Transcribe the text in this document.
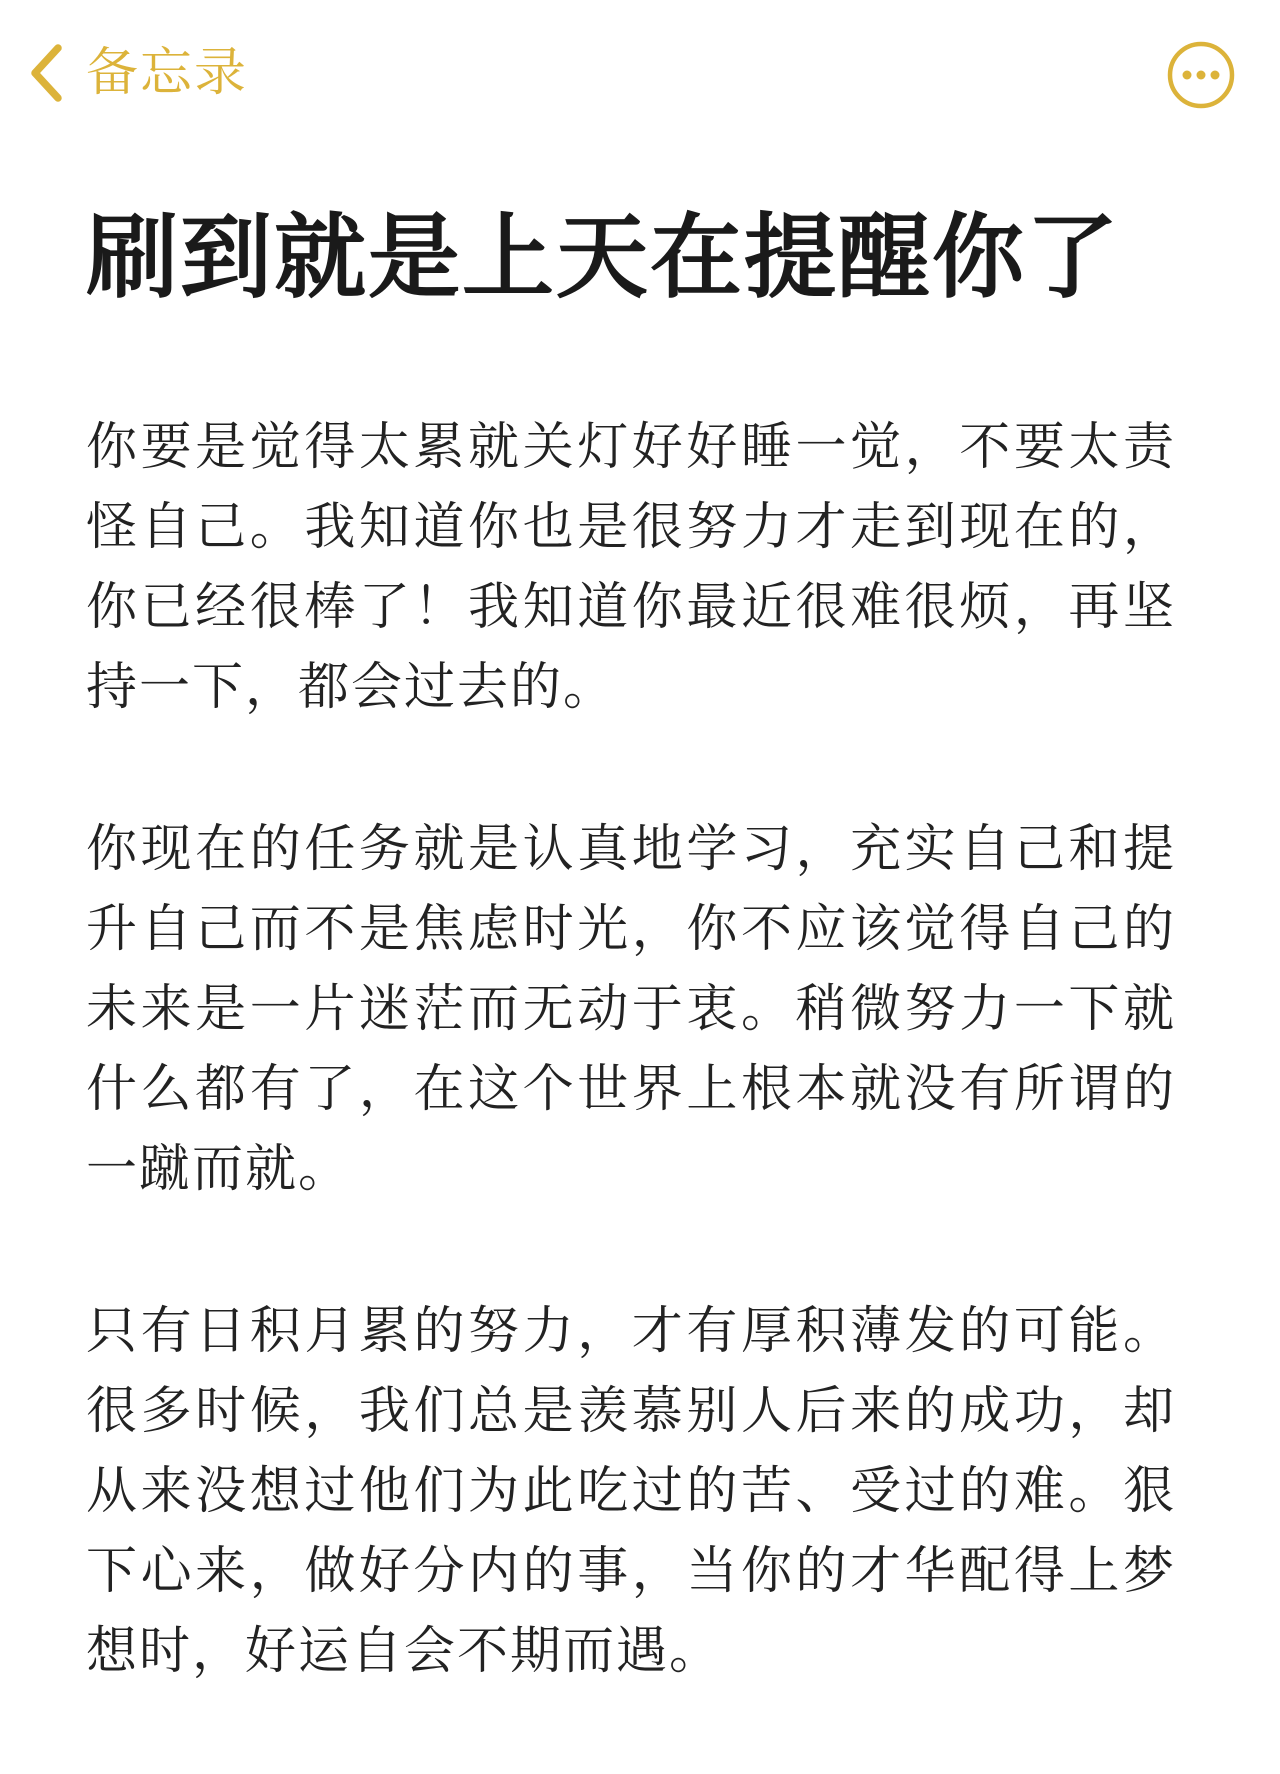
备忘录
刷到就是上天在提醒你了

你要是觉得太累就关灯好好睡一觉，不要太责怪自己。我知道你也是很努力才走到现在的，你已经很棒了！我知道你最近很难很烦，再坚持一下，都会过去的。

你现在的任务就是认真地学习，充实自己和提升自己而不是焦虑时光，你不应该觉得自己的未来是一片迷茫而无动于衷。稍微努力一下就什么都有了，在这个世界上根本就没有所谓的一蹴而就。

只有日积月累的努力，才有厚积薄发的可能。很多时候，我们总是羡慕别人后来的成功，却从来没想过他们为此吃过的苦、受过的难。狠下心来，做好分内的事，当你的才华配得上梦想时，好运自会不期而遇。
